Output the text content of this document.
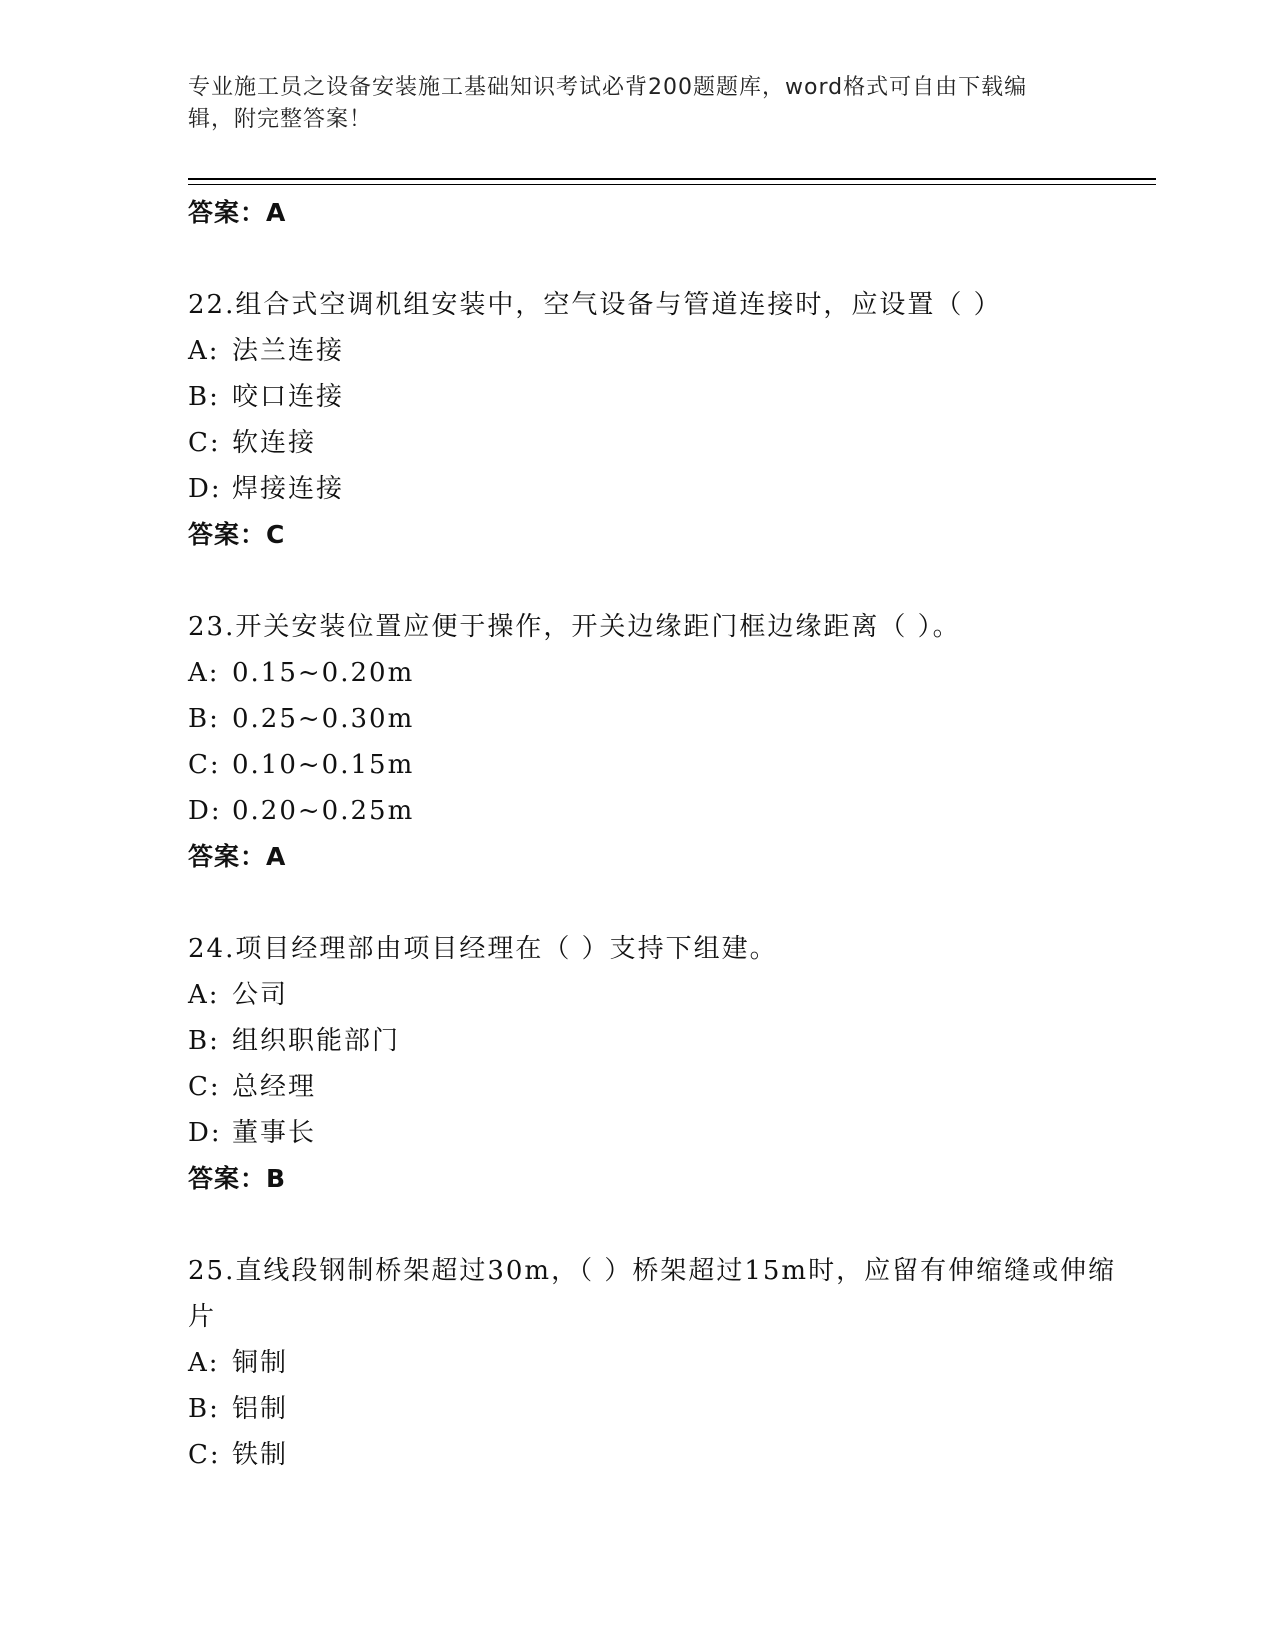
专业施工员之设备安装施工基础知识考试必背200题题库，word格式可自由下载编辑，附完整答案！
答案：A
22.组合式空调机组安装中，空气设备与管道连接时，应设置（ ）
A: 法兰连接
B: 咬口连接
C: 软连接
D: 焊接连接
答案：C
23.开关安装位置应便于操作，开关边缘距门框边缘距离（ ）。
A: 0.15~0.20m
B: 0.25~0.30m
C: 0.10~0.15m
D: 0.20~0.25m
答案：A
24.项目经理部由项目经理在（ ）支持下组建。
A: 公司
B: 组织职能部门
C: 总经理
D: 董事长
答案：B
25.直线段钢制桥架超过30m，（ ）桥架超过15m时，应留有伸缩缝或伸缩片
A: 铜制
B: 铝制
C: 铁制
